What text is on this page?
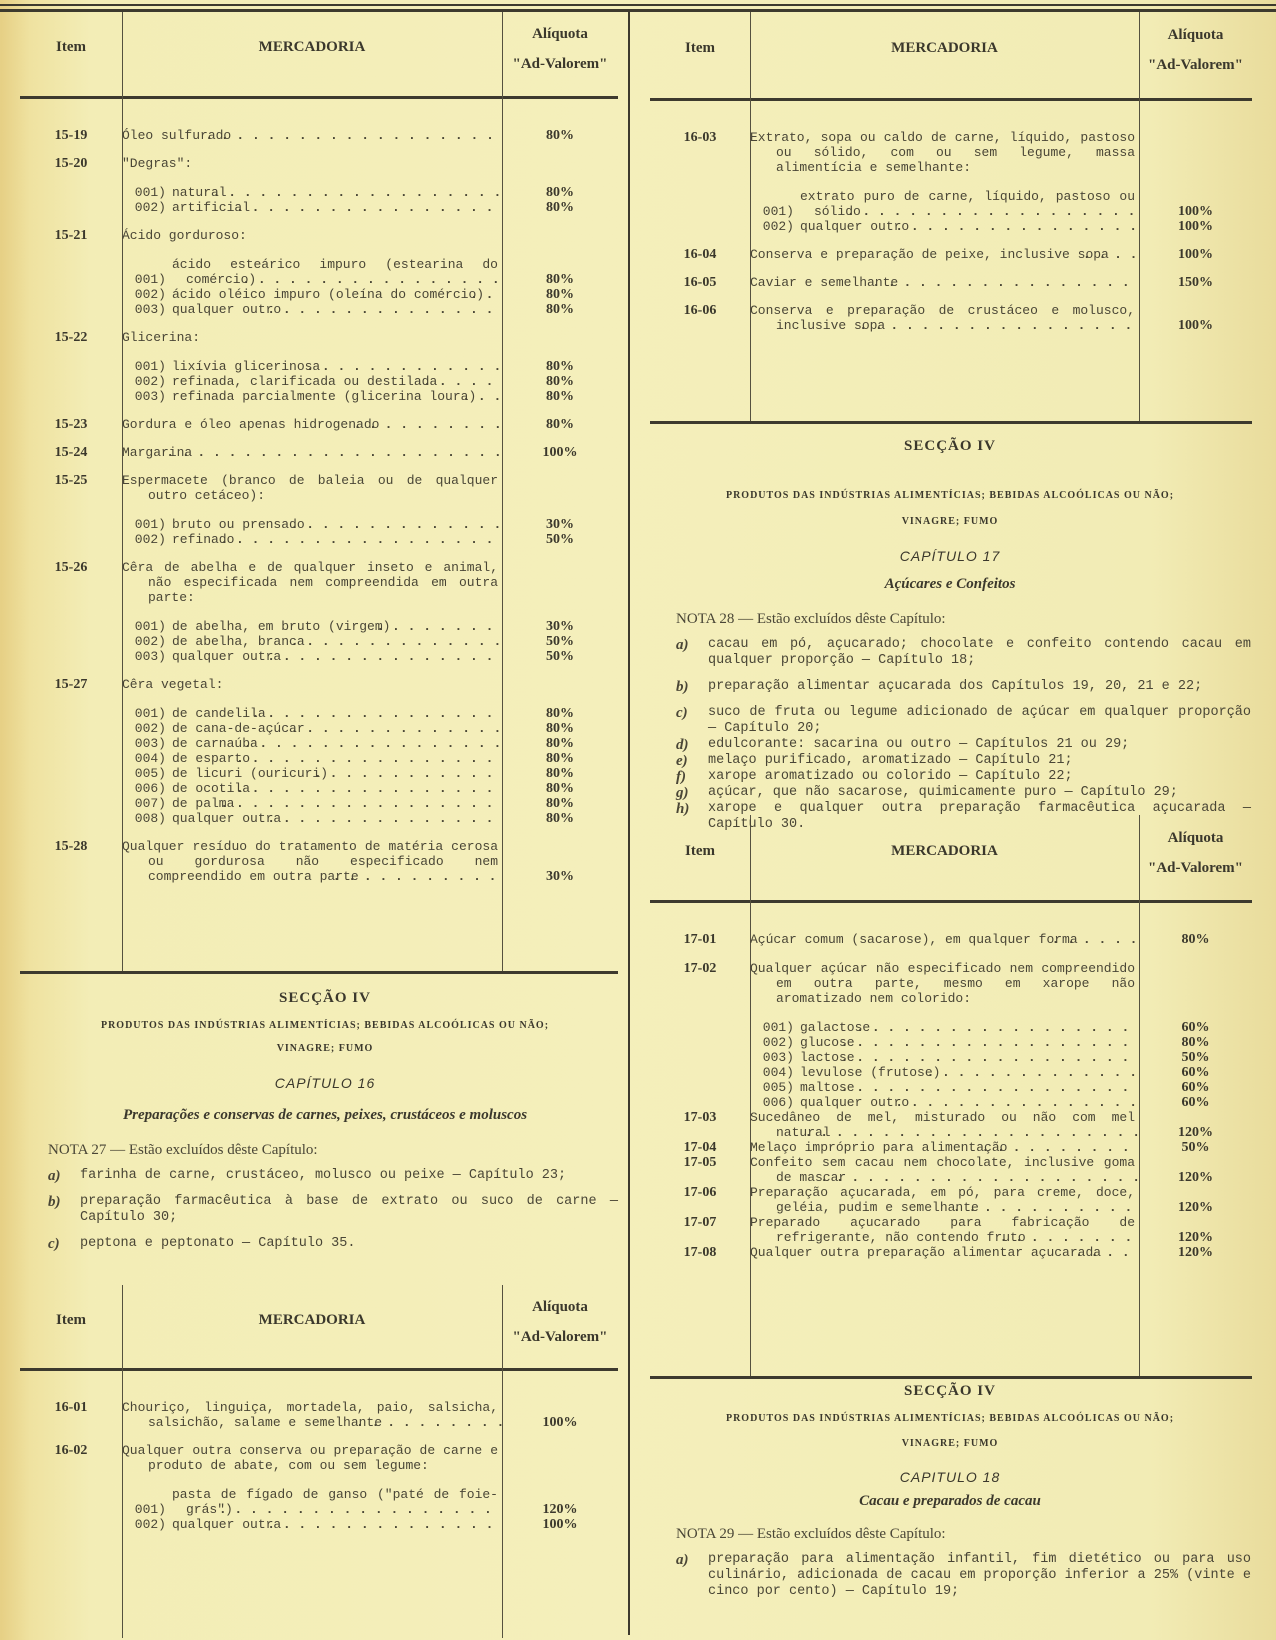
Item	MERCADORIA
Alíquota
"Ad-Valorem"
15-19	Óleo sulfurado . . .	80%
15-20	"Degras":
001) natural . . .	80%
002) artificial . . .	80%
15-21	Ácido gorduroso:
001)
ácido esteárico impuro (estearina do comércio) . . .	80%
002) ácido oléico impuro (oleína do comércio) . . .	80%
003) qualquer outro . . .	80%
15-22	Glicerina:
001) lixívia glicerinosa . . .	80%
002) refinada, clarificada ou destilada . . .	80%
003) refinada parcialmente (glicerina loura) . . .	80%
15-23	Gordura e óleo apenas hidrogenado . . .	80%
15-24	Margarina . . .	100%
15-25	Espermacete (branco de baleia ou de qualquer outro cetáceo):
001) bruto ou prensado . . .	30%
002) refinado . . .	50%
15-26	Cêra de abelha e de qualquer inseto e animal, não especificada nem compreendida em outra parte:
001) de abelha, em bruto (virgem) . . .	30%
002) de abelha, branca . . .	50%
003) qualquer outra . . .	50%
15-27	Cêra vegetal:
001) de candelila . . .	80%
002) de cana-de-açúcar . . .	80%
003) de carnaúba . . .	80%
004) de esparto . . .	80%
005) de licuri (ouricuri) . . .	80%
006) de ocotila . . .	80%
007) de palma . . .	80%
008) qualquer outra . . .	80%
15-28	Qualquer resíduo do tratamento de matéria cerosa ou gordurosa não especificado nem compreendido em outra parte . . .	30%
Item	MERCADORIA
Alíquota
"Ad-Valorem"
16-01	Chouriço, linguiça, mortadela, paio, salsicha, salsichão, salame e semelhante . . .	100%
16-02	Qualquer outra conserva ou preparação de carne e produto de abate, com ou sem legume:
001)
pasta de fígado de ganso ("paté de foie-grás") . . .	120%
002) qualquer outra . . .	100%
Item	MERCADORIA
Alíquota
"Ad-Valorem"
16-03	Extrato, sopa ou caldo de carne, líquido, pastoso ou sólido, com ou sem legume, massa alimentícia e semelhante:
001)
extrato puro de carne, líquido, pastoso ou sólido . . .	100%
002) qualquer outro . . .	100%
16-04	Conserva e preparação de peixe, inclusive sopa . . .	100%
16-05	Caviar e semelhante . . .	150%
16-06	Conserva e preparação de crustáceo e molusco, inclusive sopa . . .	100%
Item	MERCADORIA
Alíquota
"Ad-Valorem"
17-01	Açúcar comum (sacarose), em qualquer forma . . .	80%
17-02	Qualquer açúcar não especificado nem compreendido em outra parte, mesmo em xarope não aromatizado nem colorido:
001) galactose . . .	60%
002) glucose . . .	80%
003) lactose . . .	50%
004) levulose (frutose) . . .	60%
005) maltose . . .	60%
006) qualquer outro . . .	60%
17-03	Sucedâneo de mel, misturado ou não com mel natural . . .	120%
17-04	Melaço impróprio para alimentação . . .	50%
17-05	Confeito sem cacau nem chocolate, inclusive goma de mascar . . .	120%
17-06	Preparação açucarada, em pó, para creme, doce, geléia, pudim e semelhante . . .	120%
17-07	Preparado açucarado para fabricação de refrigerante, não contendo fruto . . .	120%
17-08	Qualquer outra preparação alimentar açucarada . . .	120%
SECÇÃO IV
PRODUTOS DAS INDÚSTRIAS ALIMENTÍCIAS; BEBIDAS ALCOÓLICAS OU NÃO;
VINAGRE; FUMO
CAPÍTULO 16
Preparações e conservas de carnes, peixes, crustáceos e moluscos
NOTA 27 — Estão excluídos dêste Capítulo:
a)	farinha de carne, crustáceo, molusco ou peixe — Capítulo 23;
b)	preparação farmacêutica à base de extrato ou suco de carne — Capítulo 30;
c)	peptona e peptonato — Capítulo 35.
SECÇÃO IV
PRODUTOS DAS INDÚSTRIAS ALIMENTÍCIAS; BEBIDAS ALCOÓLICAS OU NÃO;
VINAGRE; FUMO
CAPÍTULO 17
Açúcares e Confeitos
NOTA 28 — Estão excluídos dêste Capítulo:
a)	cacau em pó, açucarado; chocolate e confeito contendo cacau em qualquer proporção — Capítulo 18;
b)	preparação alimentar açucarada dos Capítulos 19, 20, 21 e 22;
c)	suco de fruta ou legume adicionado de açúcar em qualquer proporção — Capítulo 20;
d)	edulcorante: sacarina ou outro — Capítulos 21 ou 29;
e)	melaço purificado, aromatizado — Capítulo 21;
f)	xarope aromatizado ou colorido — Capítulo 22;
g)	açúcar, que não sacarose, quimicamente puro — Capítulo 29;
h)	xarope e qualquer outra preparação farmacêutica açucarada — Capítulo 30.
SECÇÃO IV
PRODUTOS DAS INDÚSTRIAS ALIMENTÍCIAS; BEBIDAS ALCOÓLICAS OU NÃO;
VINAGRE; FUMO
CAPITULO 18
Cacau e preparados de cacau
NOTA 29 — Estão excluídos dêste Capítulo:
a)	preparação para alimentação infantil, fim dietético ou para uso culinário, adicionada de cacau em proporção inferior a 25% (vinte e cinco por cento) — Capítulo 19;
